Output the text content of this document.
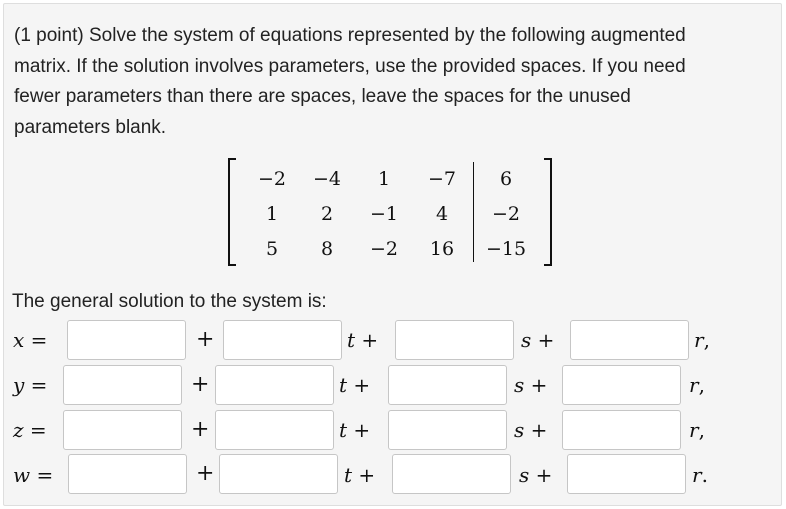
(1 point) Solve the system of equations represented by the following augmented
matrix. If the solution involves parameters, use the provided spaces. If you need
fewer parameters than there are spaces, leave the spaces for the unused
parameters blank.
−2 −4 1 −7 6
1 2 −1 4 −2
5 8 −2 16 −15
The general solution to the system is:
x =	+	t +	s +	r,
y =	+	t +	s +	r,
z =	+	t +	s +	r,
w =	+	t +	s +	r.
